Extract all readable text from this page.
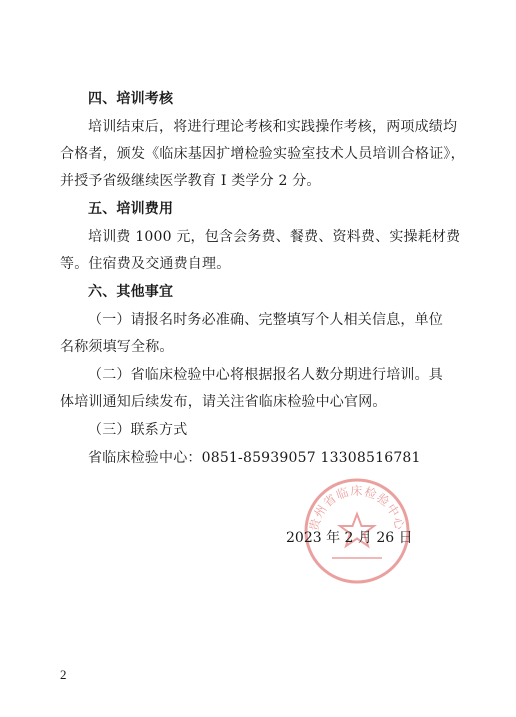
四、培训考核
培训结束后，将进行理论考核和实践操作考核，两项成绩均
合格者，颁发《临床基因扩增检验实验室技术人员培训合格证》，
并授予省级继续医学教育 I 类学分 2 分。
五、培训费用
培训费 1000 元，包含会务费、餐费、资料费、实操耗材费
等。住宿费及交通费自理。
六、其他事宜
（一）请报名时务必准确、完整填写个人相关信息，单位
名称须填写全称。
（二）省临床检验中心将根据报名人数分期进行培训。具
体培训通知后续发布，请关注省临床检验中心官网。
（三）联系方式
省临床检验中心：0851-85939057 13308516781
贵州省临床检验中心
2023 年 2 月 26 日
2
